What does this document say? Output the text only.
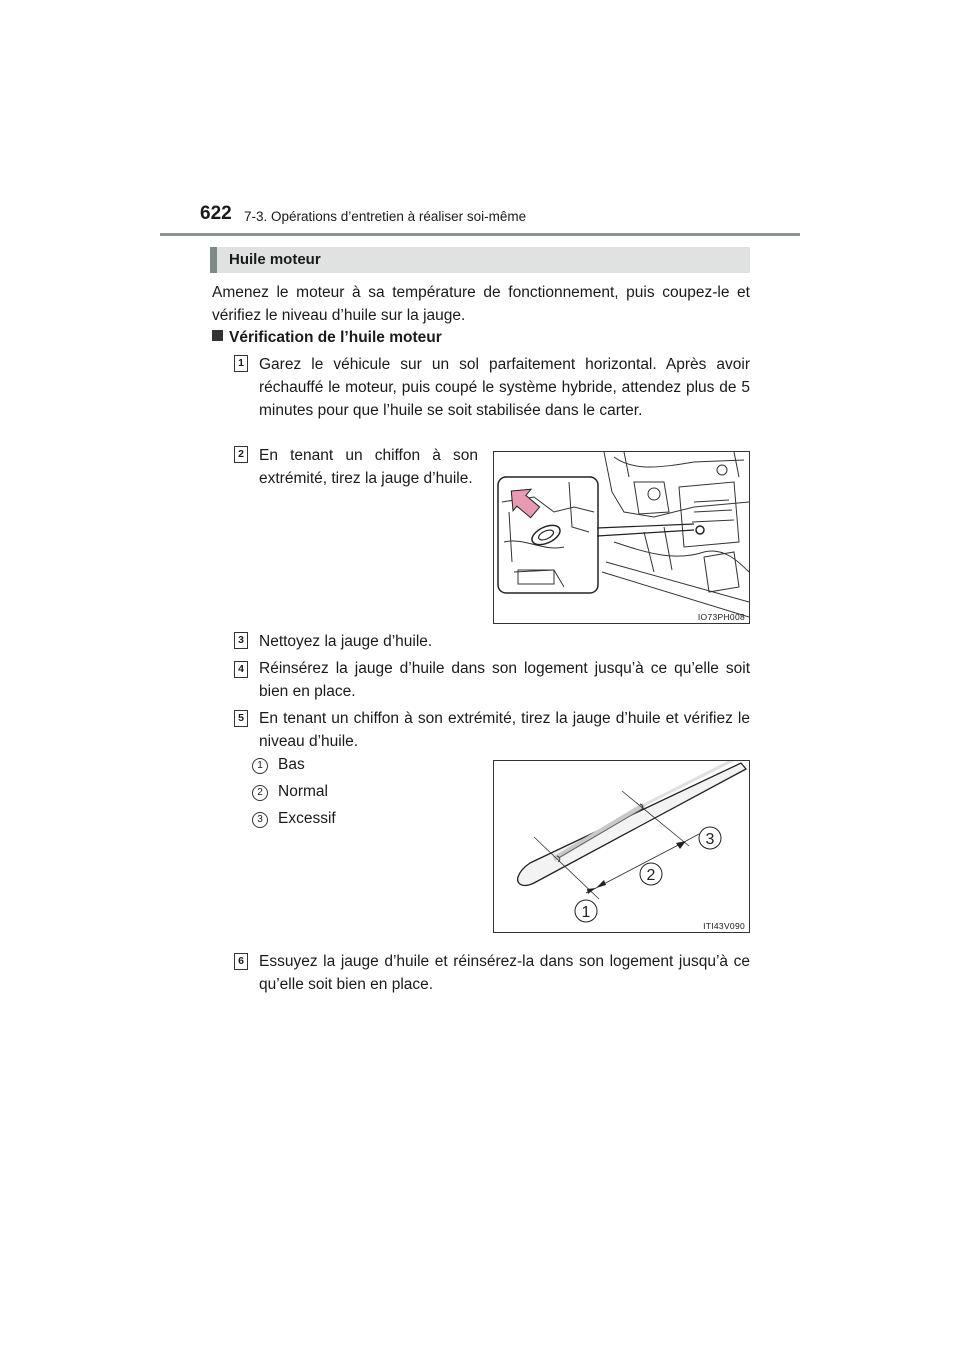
622 7-3. Opérations d’entretien à réaliser soi-même
Huile moteur

Amenez le moteur à sa température de fonctionnement, puis coupez-le et vérifiez le niveau d’huile sur la jauge.

Vérification de l’huile moteur
1 Garez le véhicule sur un sol parfaitement horizontal. Après avoir réchauffé le moteur, puis coupé le système hybride, attendez plus de 5 minutes pour que l’huile se soit stabilisée dans le carter.

2 En tenant un chiffon à son extrémité, tirez la jauge d’huile.

IO73PH008
3 Nettoyez la jauge d’huile.

4 Réinsérez la jauge d’huile dans son logement jusqu’à ce qu’elle soit bien en place.

5 En tenant un chiffon à son extrémité, tirez la jauge d’huile et vérifiez le niveau d’huile.

1 Bas
2 Normal
3 Excessif
1
2
3
ITI43V090
6 Essuyez la jauge d’huile et réinsérez-la dans son logement jusqu’à ce qu’elle soit bien en place.
